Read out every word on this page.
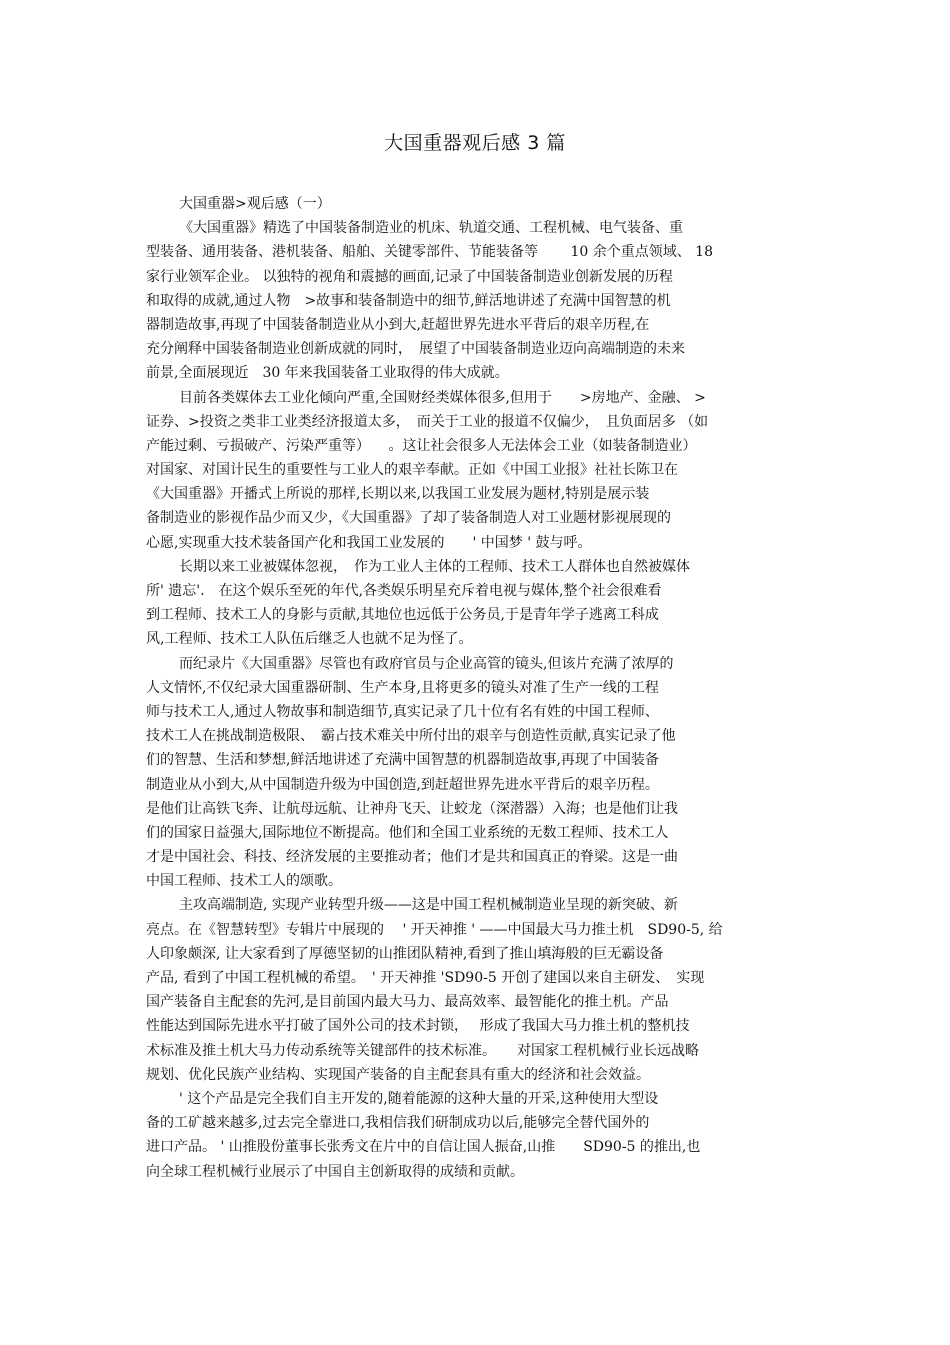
大国重器观后感 3 篇
大国重器>观后感（一）
《大国重器》精选了中国装备制造业的机床、轨道交通、工程机械、电气装备、重
型装备、通用装备、港机装备、船舶、关键零部件、节能装备等　　 10 余个重点领域、 18
家行业领军企业。 以独特的视角和震撼的画面,记录了中国装备制造业创新发展的历程
和取得的成就,通过人物　>故事和装备制造中的细节,鲜活地讲述了充满中国智慧的机
器制造故事,再现了中国装备制造业从小到大,赶超世界先进水平背后的艰辛历程,在
充分阐释中国装备制造业创新成就的同时，　展望了中国装备制造业迈向高端制造的未来
前景,全面展现近　30 年来我国装备工业取得的伟大成就。
目前各类媒体去工业化倾向严重,全国财经类媒体很多,但用于　　>房地产、金融、 >
证券、>投资之类非工业类经济报道太多，　而关于工业的报道不仅偏少，　且负面居多 （如
产能过剩、亏损破产、污染严重等） 　。这让社会很多人无法体会工业（如装备制造业）
对国家、对国计民生的重要性与工业人的艰辛奉献。正如《中国工业报》社社长陈卫在
《大国重器》开播式上所说的那样,长期以来,以我国工业发展为题材,特别是展示装
备制造业的影视作品少而又少，《大国重器》了却了装备制造人对工业题材影视展现的
心愿,实现重大技术装备国产化和我国工业发展的　　' 中国梦 ' 鼓与呼。
长期以来工业被媒体忽视，　作为工业人主体的工程师、技术工人群体也自然被媒体
所' 遗忘'.　在这个娱乐至死的年代,各类娱乐明星充斥着电视与媒体,整个社会很难看
到工程师、技术工人的身影与贡献,其地位也远低于公务员,于是青年学子逃离工科成
风,工程师、技术工人队伍后继乏人也就不足为怪了。
而纪录片《大国重器》尽管也有政府官员与企业高管的镜头,但该片充满了浓厚的
人文情怀,不仅纪录大国重器研制、生产本身,且将更多的镜头对准了生产一线的工程
师与技术工人,通过人物故事和制造细节,真实记录了几十位有名有姓的中国工程师、
技术工人在挑战制造极限、　霸占技术难关中所付出的艰辛与创造性贡献,真实记录了他
们的智慧、生活和梦想,鲜活地讲述了充满中国智慧的机器制造故事,再现了中国装备
制造业从小到大,从中国制造升级为中国创造,到赶超世界先进水平背后的艰辛历程。
是他们让高铁飞奔、让航母远航、让神舟飞天、让蛟龙（深潜器）入海；也是他们让我
们的国家日益强大,国际地位不断提高。他们和全国工业系统的无数工程师、技术工人
才是中国社会、科技、经济发展的主要推动者；他们才是共和国真正的脊梁。这是一曲
中国工程师、技术工人的颂歌。
主攻高端制造, 实现产业转型升级——这是中国工程机械制造业呈现的新突破、新
亮点。在《智慧转型》专辑片中展现的　 ' 开天神推 ' ——中国最大马力推土机　SD90-5, 给
人印象颇深, 让大家看到了厚德坚韧的山推团队精神,看到了推山填海般的巨无霸设备
产品, 看到了中国工程机械的希望。　' 开天神推 'SD90-5 开创了建国以来自主研发、　实现
国产装备自主配套的先河,是目前国内最大马力、最高效率、最智能化的推土机。产品
性能达到国际先进水平打破了国外公司的技术封锁，　 形成了我国大马力推土机的整机技
术标准及推土机大马力传动系统等关键部件的技术标准。　　对国家工程机械行业长远战略
规划、优化民族产业结构、实现国产装备的自主配套具有重大的经济和社会效益。
' 这个产品是完全我们自主开发的,随着能源的这种大量的开采,这种使用大型设
备的工矿越来越多,过去完全靠进口,我相信我们研制成功以后,能够完全替代国外的
进口产品。 ' 山推股份董事长张秀文在片中的自信让国人振奋,山推　　SD90-5 的推出,也
向全球工程机械行业展示了中国自主创新取得的成绩和贡献。
